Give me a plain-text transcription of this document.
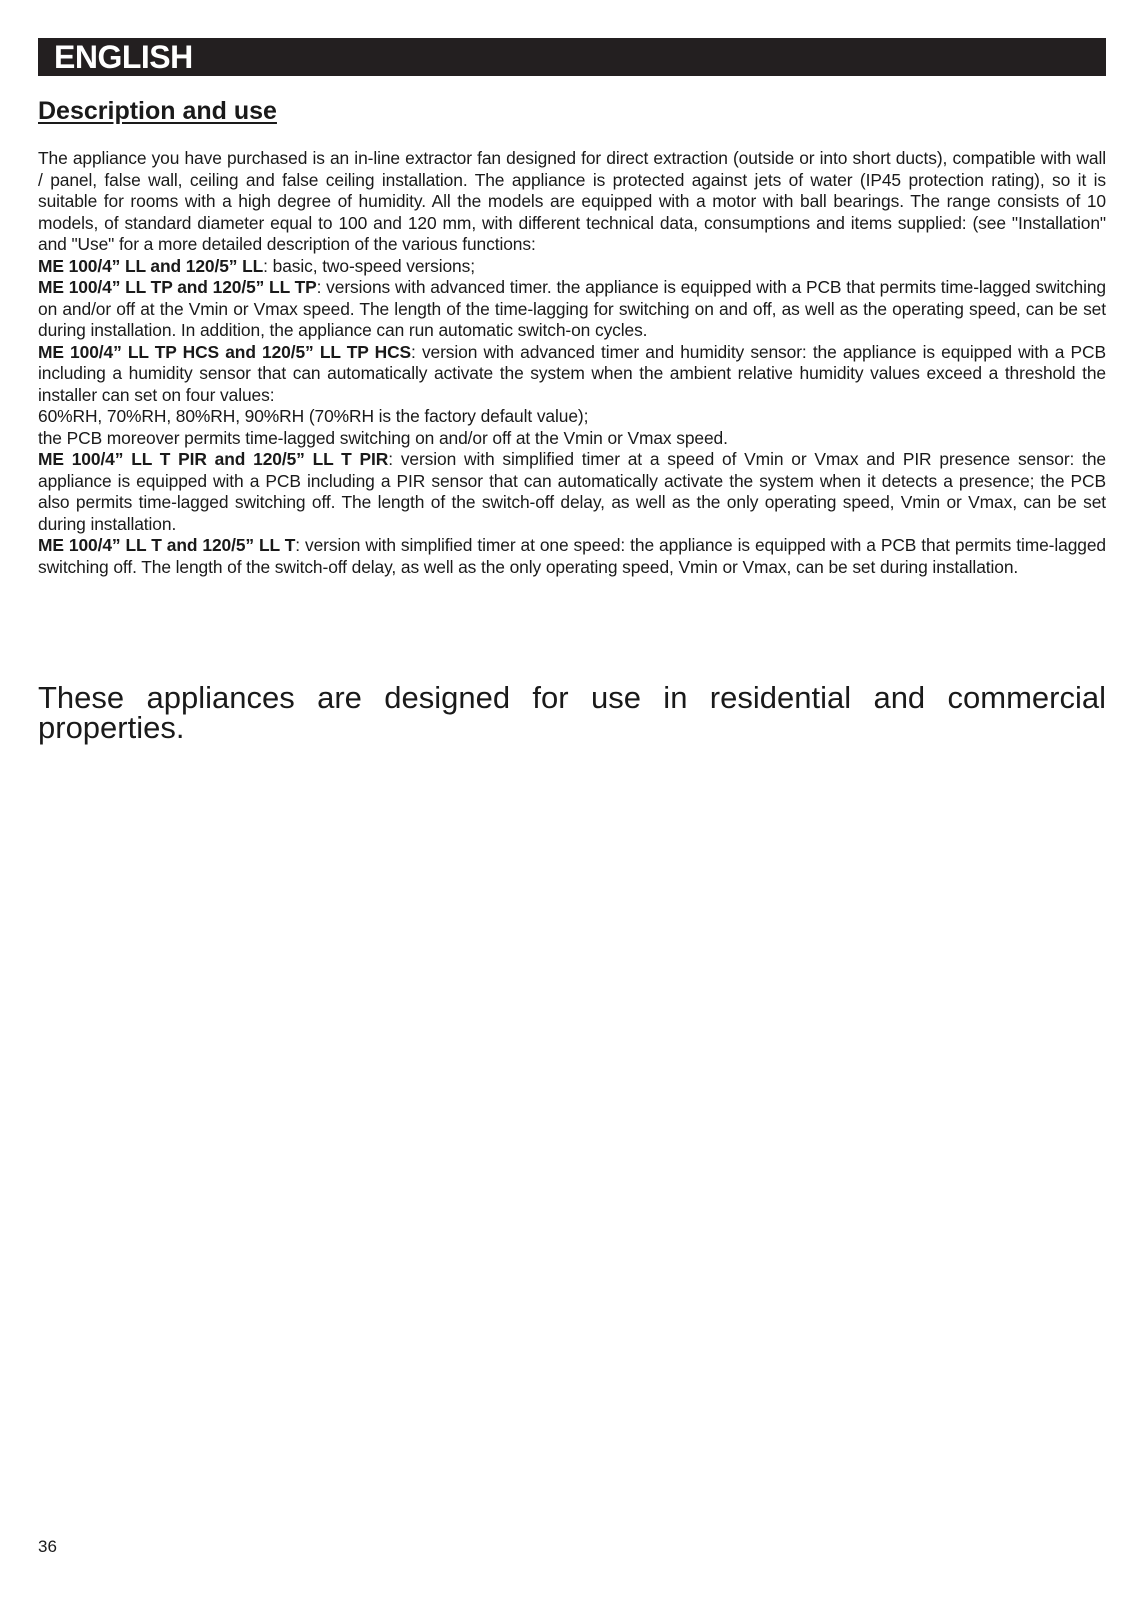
ENGLISH
Description and use

The appliance you have purchased is an in-line extractor fan designed for direct extraction (outside or into short ducts), compatible with wall / panel, false wall, ceiling and false ceiling installation. The appliance is protected against jets of water (IP45 protection rating), so it is suitable for rooms with a high degree of humidity. All the models are equipped with a motor with ball bearings. The range consists of 10 models, of standard diameter equal to 100 and 120 mm, with different technical data, consumptions and items supplied: (see "Installation" and "Use" for a more detailed description of the various functions:

ME 100/4” LL and 120/5” LL: basic, two-speed versions;

ME 100/4” LL TP and 120/5” LL TP: versions with advanced timer. the appliance is equipped with a PCB that permits time-lagged switching on and/or off at the Vmin or Vmax speed. The length of the time-lagging for switching on and off, as well as the operating speed, can be set during installation. In addition, the appliance can run automatic switch-on cycles.

ME 100/4” LL TP HCS and 120/5” LL TP HCS: version with advanced timer and humidity sensor: the appliance is equipped with a PCB including a humidity sensor that can automatically activate the system when the ambient relative humidity values exceed a threshold the installer can set on four values:

60%RH, 70%RH, 80%RH, 90%RH (70%RH is the factory default value);

the PCB moreover permits time-lagged switching on and/or off at the Vmin or Vmax speed.

ME 100/4” LL T PIR and 120/5” LL T PIR: version with simplified timer at a speed of Vmin or Vmax and PIR presence sensor: the appliance is equipped with a PCB including a PIR sensor that can automatically activate the system when it detects a presence; the PCB also permits time-lagged switching off. The length of the switch-off delay, as well as the only operating speed, Vmin or Vmax, can be set during installation.

ME 100/4” LL T and 120/5” LL T: version with simplified timer at one speed: the appliance is equipped with a PCB that permits time-lagged switching off. The length of the switch-off delay, as well as the only operating speed, Vmin or Vmax, can be set during installation.

These appliances are designed for use in residential and commercial properties.

36
